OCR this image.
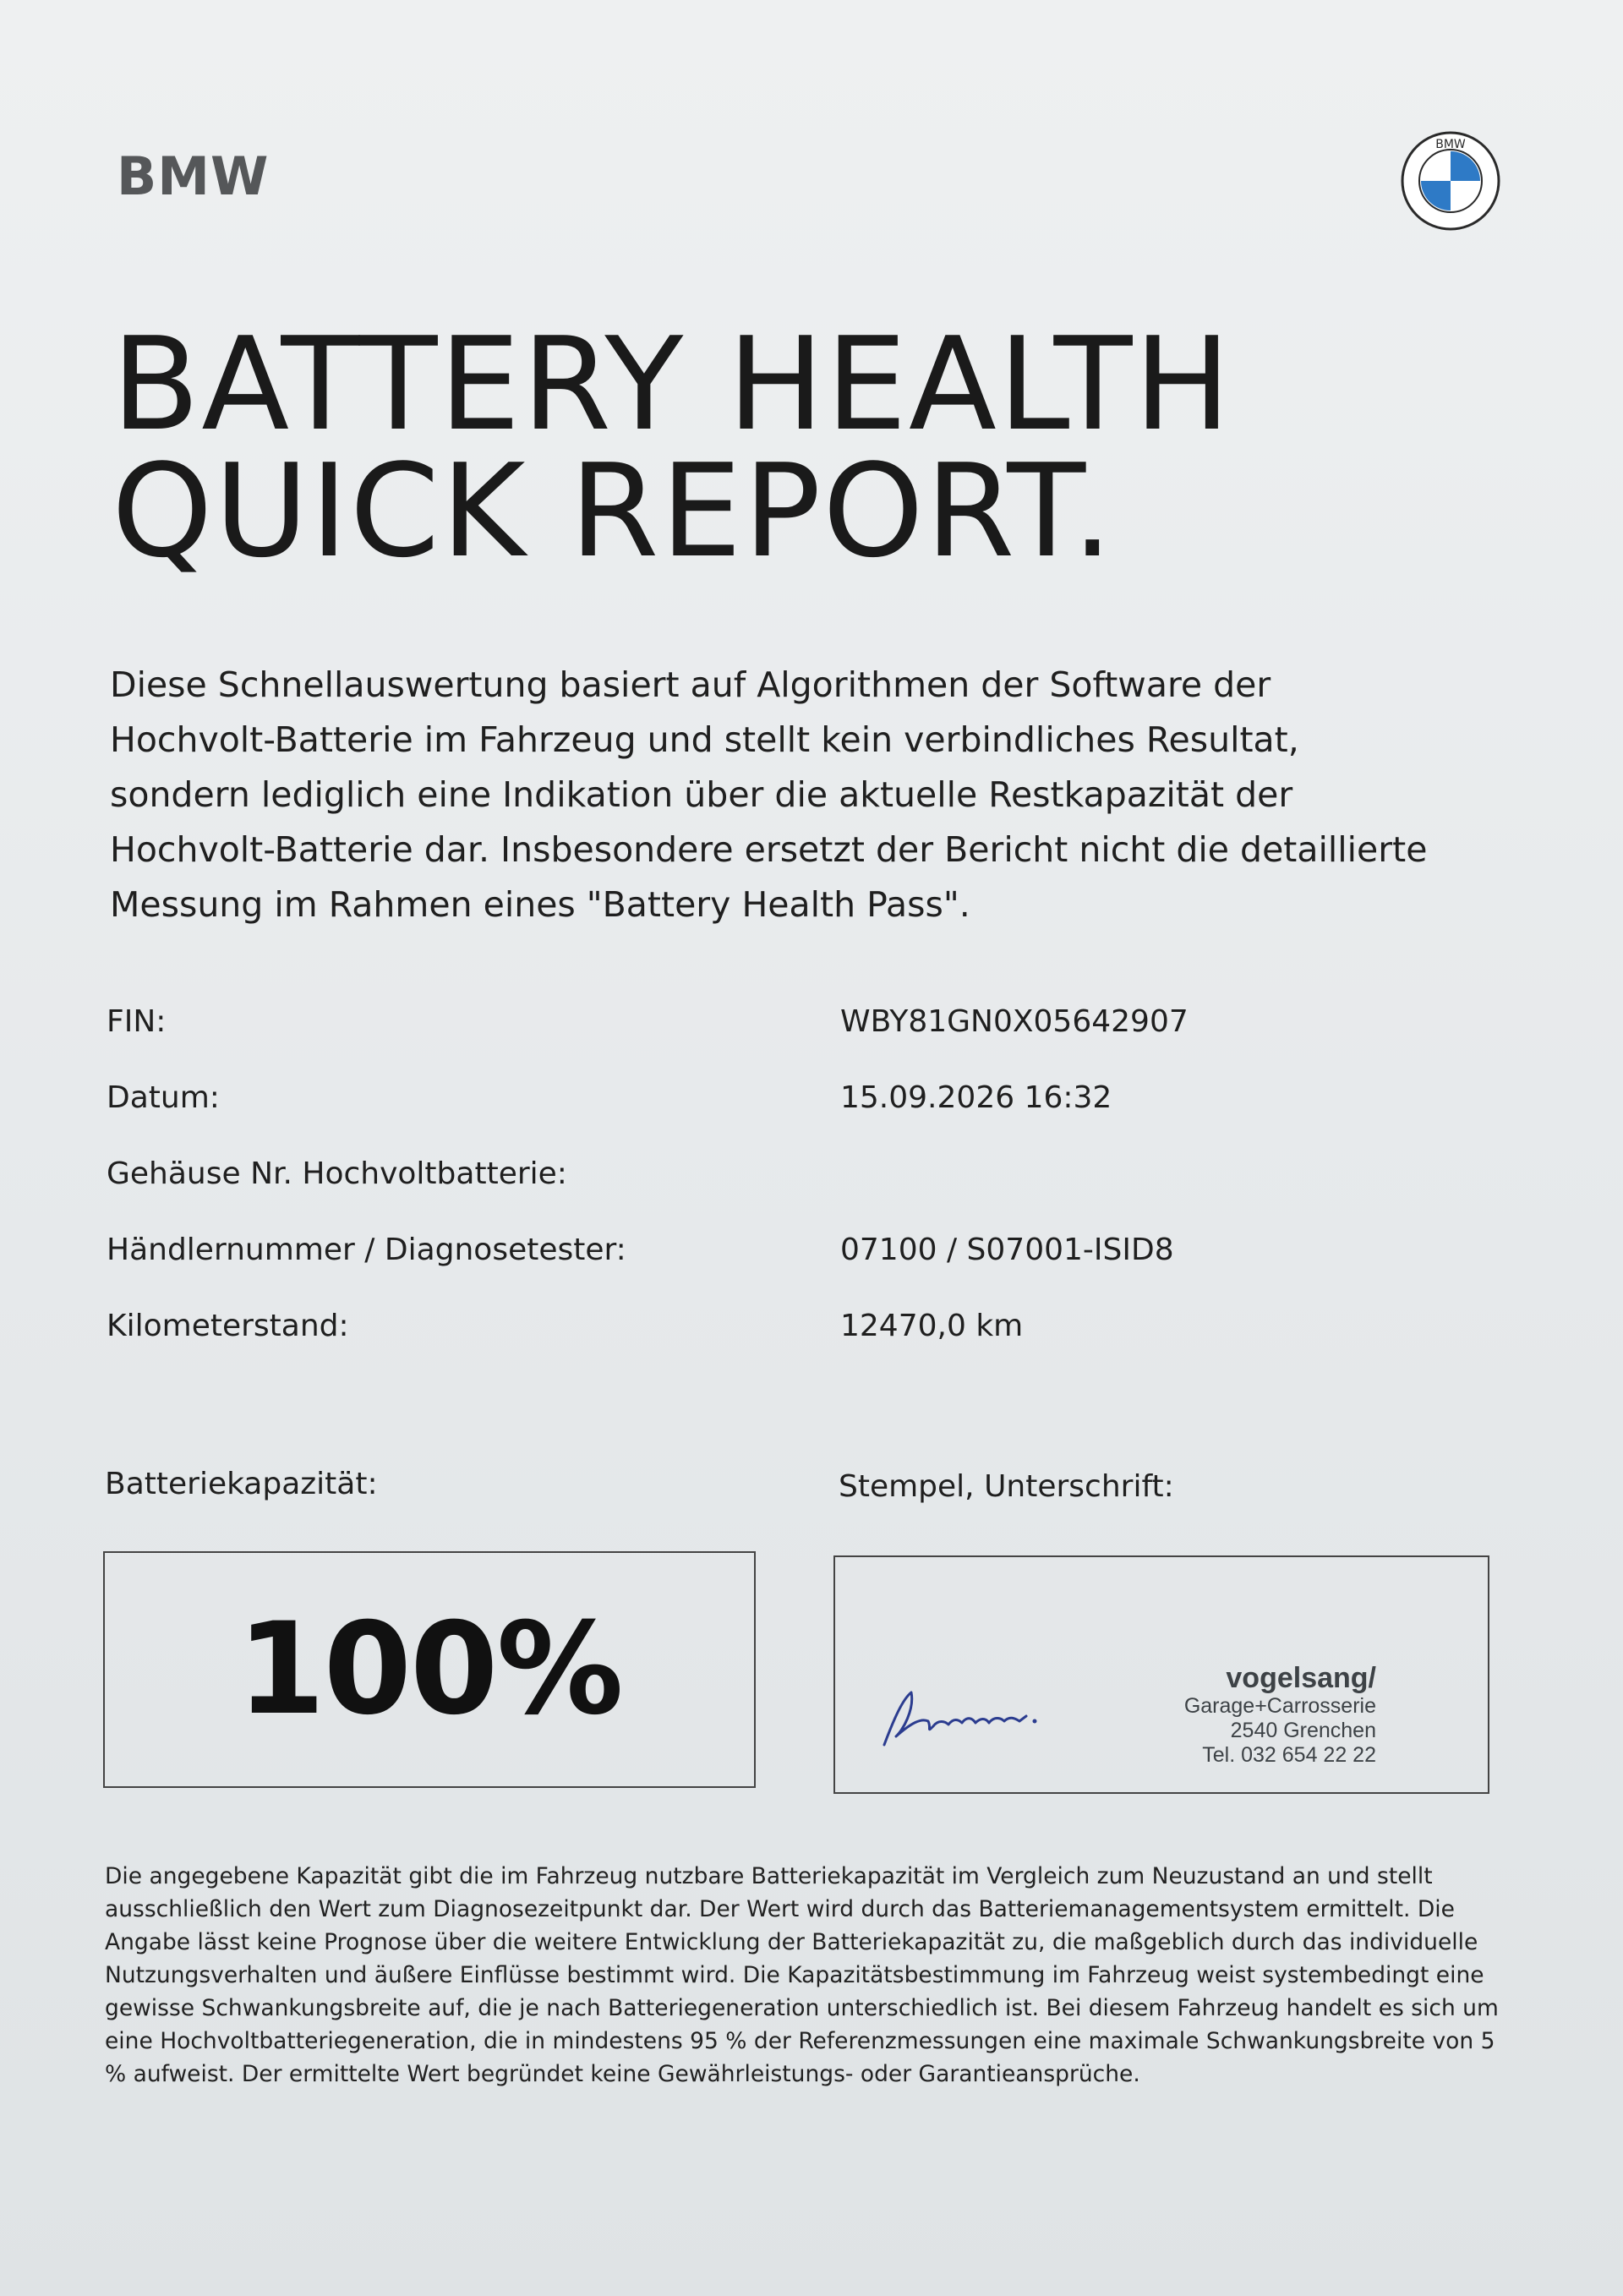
BMW
BMW
BATTERY HEALTH
QUICK REPORT.
Diese Schnellauswertung basiert auf Algorithmen der Software der Hochvolt-Batterie im Fahrzeug und stellt kein verbindliches Resultat, sondern lediglich eine Indikation über die aktuelle Restkapazität der Hochvolt-Batterie dar. Insbesondere ersetzt der Bericht nicht die detaillierte Messung im Rahmen eines "Battery Health Pass".
FIN:	WBY81GN0X05642907
Datum:	15.09.2026 16:32
Gehäuse Nr. Hochvoltbatterie:
Händlernummer / Diagnosetester:	07100 / S07001-ISID8
Kilometerstand:	12470,0 km
Batteriekapazität:	Stempel, Unterschrift:
100%	vogelsang/
Garage+Carrosserie
2540 Grenchen
Tel. 032 654 22 22
Die angegebene Kapazität gibt die im Fahrzeug nutzbare Batteriekapazität im Vergleich zum Neuzustand an und stellt ausschließlich den Wert zum Diagnosezeitpunkt dar. Der Wert wird durch das Batteriemanagementsystem ermittelt. Die Angabe lässt keine Prognose über die weitere Entwicklung der Batteriekapazität zu, die maßgeblich durch das individuelle Nutzungsverhalten und äußere Einflüsse bestimmt wird. Die Kapazitätsbestimmung im Fahrzeug weist systembedingt eine gewisse Schwankungsbreite auf, die je nach Batteriegeneration unterschiedlich ist. Bei diesem Fahrzeug handelt es sich um eine Hochvoltbatteriegeneration, die in mindestens 95 % der Referenzmessungen eine maximale Schwankungsbreite von 5 % aufweist. Der ermittelte Wert begründet keine Gewährleistungs- oder Garantieansprüche.
